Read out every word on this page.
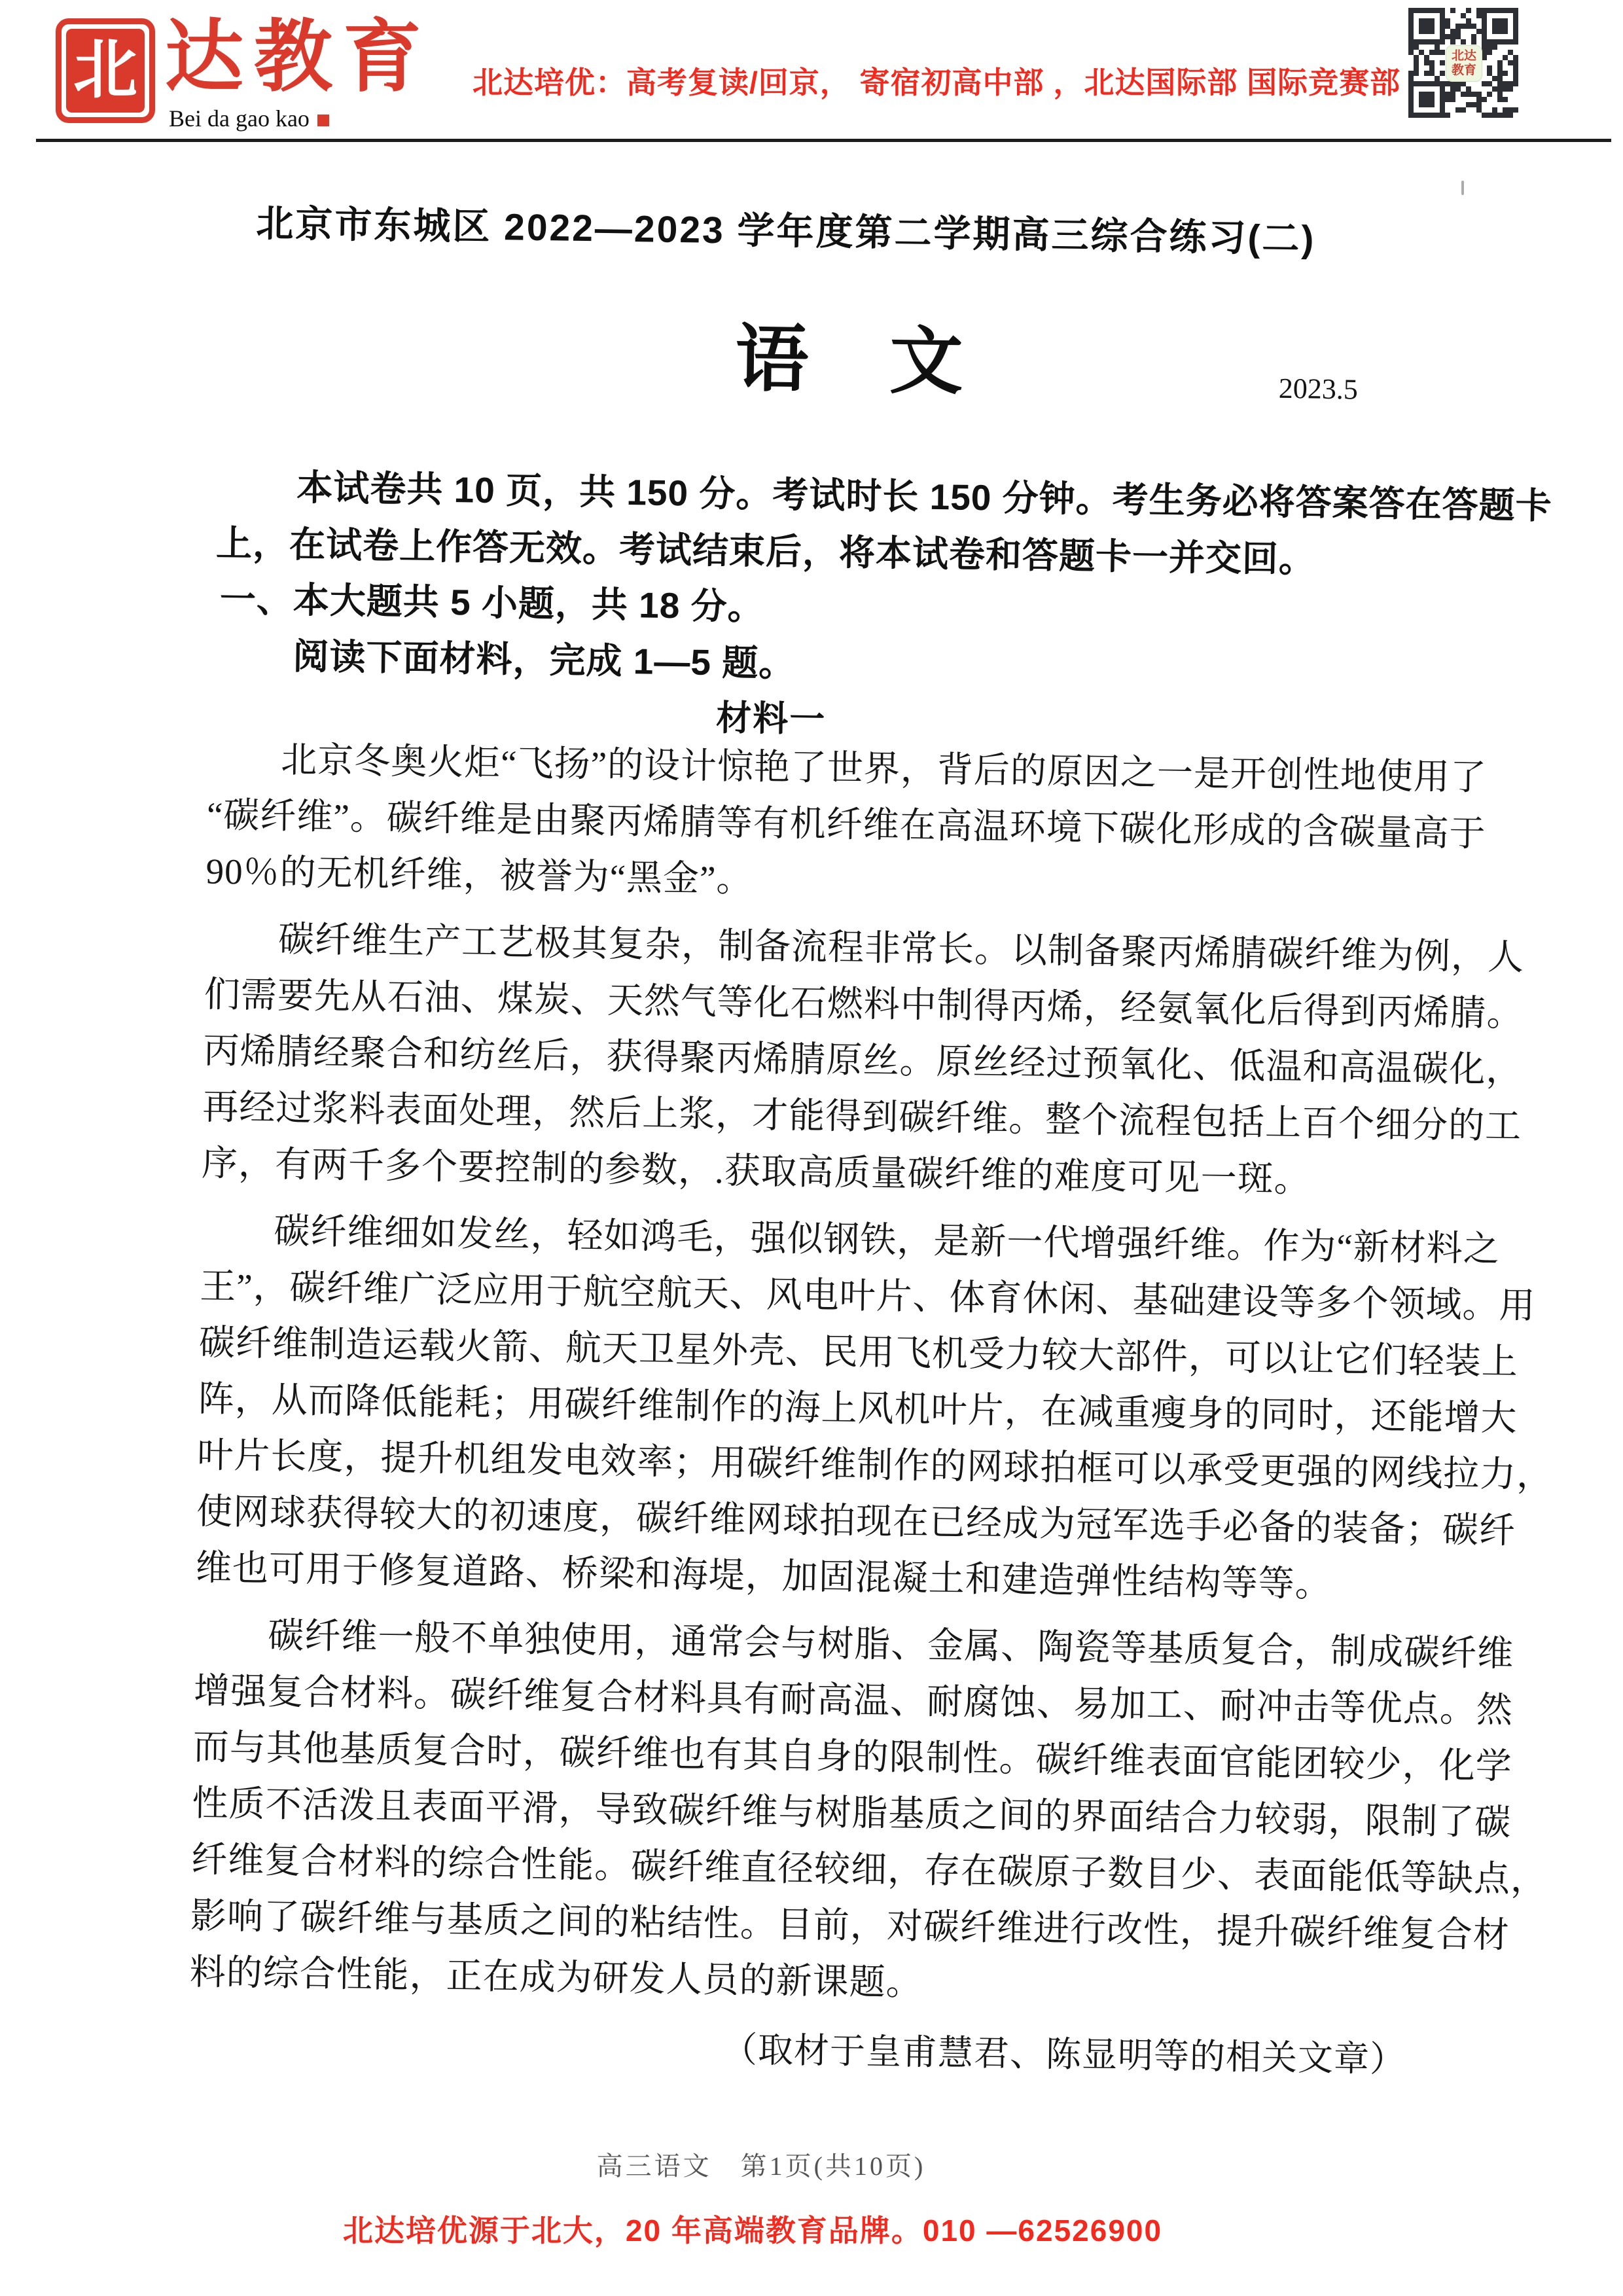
北 达教育
Bei da gao kao
北达培优：高考复读/回京， 寄宿初高中部 ，北达国际部 国际竞赛部
北达
教育
北京市东城区 2022—2023 学年度第二学期高三综合练习(二)
语　文	2023.5
本试卷共 10 页，共 150 分。考试时长 150 分钟。考生务必将答案答在答题卡
上，在试卷上作答无效。考试结束后，将本试卷和答题卡一并交回。
一、本大题共 5 小题，共 18 分。
阅读下面材料，完成 1—5 题。
材料一
北京冬奥火炬“飞扬”的设计惊艳了世界，背后的原因之一是开创性地使用了
“碳纤维”。碳纤维是由聚丙烯腈等有机纤维在高温环境下碳化形成的含碳量高于
90％的无机纤维，被誉为“黑金”。
碳纤维生产工艺极其复杂，制备流程非常长。以制备聚丙烯腈碳纤维为例，人
们需要先从石油、煤炭、天然气等化石燃料中制得丙烯，经氨氧化后得到丙烯腈。
丙烯腈经聚合和纺丝后，获得聚丙烯腈原丝。原丝经过预氧化、低温和高温碳化，
再经过浆料表面处理，然后上浆，才能得到碳纤维。整个流程包括上百个细分的工
序，有两千多个要控制的参数，.获取高质量碳纤维的难度可见一斑。
碳纤维细如发丝，轻如鸿毛，强似钢铁，是新一代增强纤维。作为“新材料之
王”，碳纤维广泛应用于航空航天、风电叶片、体育休闲、基础建设等多个领域。用
碳纤维制造运载火箭、航天卫星外壳、民用飞机受力较大部件，可以让它们轻装上
阵，从而降低能耗；用碳纤维制作的海上风机叶片，在减重瘦身的同时，还能增大
叶片长度，提升机组发电效率；用碳纤维制作的网球拍框可以承受更强的网线拉力，
使网球获得较大的初速度，碳纤维网球拍现在已经成为冠军选手必备的装备；碳纤
维也可用于修复道路、桥梁和海堤，加固混凝土和建造弹性结构等等。
碳纤维一般不单独使用，通常会与树脂、金属、陶瓷等基质复合，制成碳纤维
增强复合材料。碳纤维复合材料具有耐高温、耐腐蚀、易加工、耐冲击等优点。然
而与其他基质复合时，碳纤维也有其自身的限制性。碳纤维表面官能团较少，化学
性质不活泼且表面平滑，导致碳纤维与树脂基质之间的界面结合力较弱，限制了碳
纤维复合材料的综合性能。碳纤维直径较细，存在碳原子数目少、表面能低等缺点，
影响了碳纤维与基质之间的粘结性。目前，对碳纤维进行改性，提升碳纤维复合材
料的综合性能，正在成为研发人员的新课题。
（取材于皇甫慧君、陈显明等的相关文章）
高三语文　第1页(共10页)
北达培优源于北大，20 年高端教育品牌。010 —62526900
